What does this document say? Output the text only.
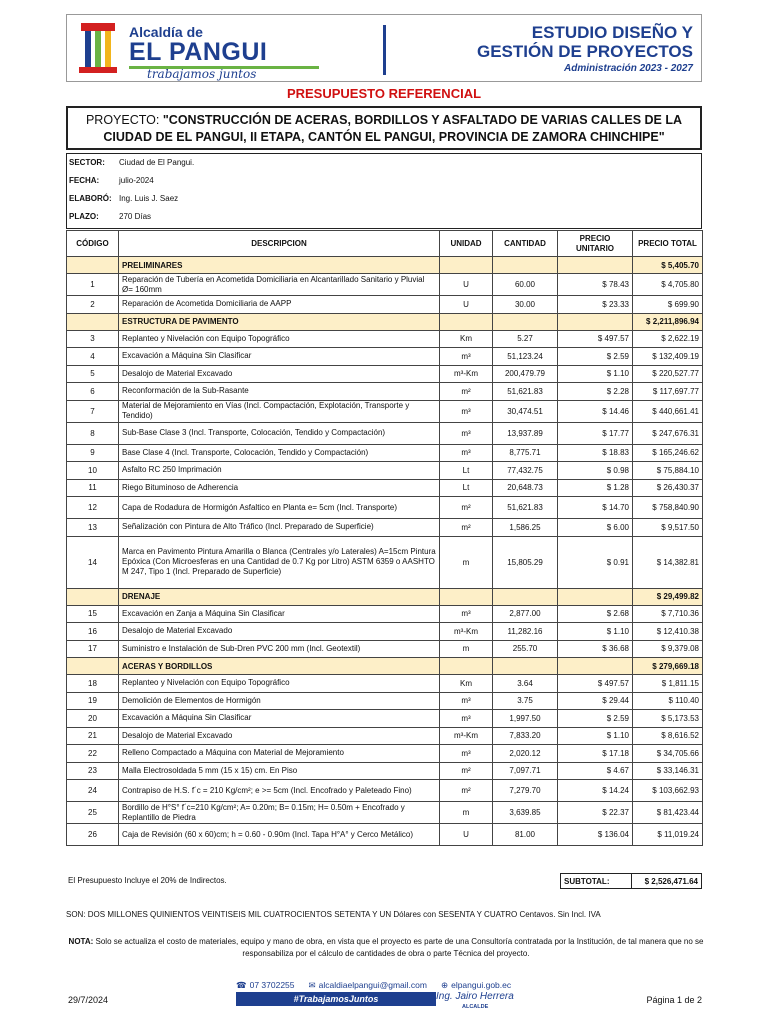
Alcaldía de
EL PANGUI
trabajamos juntos
ESTUDIO DISEÑO Y
GESTIÓN DE PROYECTOS
Administración 2023 - 2027
PRESUPUESTO REFERENCIAL
PROYECTO: "CONSTRUCCIÓN DE ACERAS, BORDILLOS Y ASFALTADO DE VARIAS CALLES DE LA CIUDAD DE EL PANGUI, II ETAPA, CANTÓN EL PANGUI, PROVINCIA DE ZAMORA CHINCHIPE"
SECTOR:	Ciudad de El Pangui.
FECHA:	julio-2024
ELABORÓ: Ing. Luis J. Saez
PLAZO:	270 Días
CÓDIGO	DESCRIPCION	UNIDAD	CANTIDAD	PRECIO UNITARIO	PRECIO TOTAL
	PRELIMINARES				$ 5,405.70
1	Reparación de Tubería en Acometida Domiciliaria en Alcantarillado Sanitario y Pluvial Ø= 160mm	U	60.00	$ 78.43	$ 4,705.80
2	Reparación de Acometida Domiciliaria de AAPP	U	30.00	$ 23.33	$ 699.90
	ESTRUCTURA DE PAVIMENTO				$ 2,211,896.94
3	Replanteo y Nivelación con Equipo Topográfico	Km	5.27	$ 497.57	$ 2,622.19
4	Excavación a Máquina Sin Clasificar	m³	51,123.24	$ 2.59	$ 132,409.19
5	Desalojo de Material Excavado	m³-Km	200,479.79	$ 1.10	$ 220,527.77
6	Reconformación de la Sub-Rasante	m²	51,621.83	$ 2.28	$ 117,697.77
7	Material de Mejoramiento en Vías (Incl. Compactación, Explotación, Transporte y Tendido)	m³	30,474.51	$ 14.46	$ 440,661.41
8	Sub-Base Clase 3 (Incl. Transporte, Colocación, Tendido y Compactación)	m³	13,937.89	$ 17.77	$ 247,676.31
9	Base Clase 4 (Incl. Transporte, Colocación, Tendido y Compactación)	m³	8,775.71	$ 18.83	$ 165,246.62
10	Asfalto RC 250 Imprimación	Lt	77,432.75	$ 0.98	$ 75,884.10
11	Riego Bituminoso de Adherencia	Lt	20,648.73	$ 1.28	$ 26,430.37
12	Capa de Rodadura de Hormigón Asfaltico en Planta e= 5cm (Incl. Transporte)	m²	51,621.83	$ 14.70	$ 758,840.90
13	Señalización con Pintura de Alto Tráfico (Incl. Preparado de Superficie)	m²	1,586.25	$ 6.00	$ 9,517.50
14	Marca en Pavimento Pintura Amarilla o Blanca (Centrales y/o Laterales) A=15cm Pintura Epóxica (Con Microesferas en una Cantidad de 0.7 Kg por Litro) ASTM 6359 o AASHTO M 247, Tipo 1 (Incl. Preparado de Superficie)	m	15,805.29	$ 0.91	$ 14,382.81
	DRENAJE				$ 29,499.82
15	Excavación en Zanja a Máquina Sin Clasificar	m³	2,877.00	$ 2.68	$ 7,710.36
16	Desalojo de Material Excavado	m³-Km	11,282.16	$ 1.10	$ 12,410.38
17	Suministro e Instalación de Sub-Dren PVC 200 mm (Incl. Geotextil)	m	255.70	$ 36.68	$ 9,379.08
	ACERAS Y BORDILLOS				$ 279,669.18
18	Replanteo y Nivelación con Equipo Topográfico	Km	3.64	$ 497.57	$ 1,811.15
19	Demolición de Elementos de Hormigón	m³	3.75	$ 29.44	$ 110.40
20	Excavación a Máquina Sin Clasificar	m³	1,997.50	$ 2.59	$ 5,173.53
21	Desalojo de Material Excavado	m³-Km	7,833.20	$ 1.10	$ 8,616.52
22	Relleno Compactado a Máquina con Material de Mejoramiento	m³	2,020.12	$ 17.18	$ 34,705.66
23	Malla Electrosoldada 5 mm (15 x 15) cm. En Piso	m²	7,097.71	$ 4.67	$ 33,146.31
24	Contrapiso de H.S. f´c = 210 Kg/cm²; e >= 5cm (Incl. Encofrado y Paleteado Fino)	m²	7,279.70	$ 14.24	$ 103,662.93
25	Bordillo de H°S° f´c=210 Kg/cm²; A= 0.20m; B= 0.15m; H= 0.50m + Encofrado y Replantillo de Piedra	m	3,639.85	$ 22.37	$ 81,423.44
26	Caja de Revisión (60 x 60)cm; h = 0.60 - 0.90m (Incl. Tapa H°A° y Cerco Metálico)	U	81.00	$ 136.04	$ 11,019.24
El Presupuesto Incluye el 20% de Indirectos.	SUBTOTAL:	$ 2,526,471.64
SON: DOS MILLONES QUINIENTOS VEINTISEIS MIL CUATROCIENTOS SETENTA Y UN Dólares con SESENTA Y CUATRO Centavos. Sin Incl. IVA
NOTA: Solo se actualiza el costo de materiales, equipo y mano de obra, en vista que el proyecto es parte de una Consultoría contratada por la Institución, de tal manera que no se responsabiliza por el cálculo de cantidades de obra o parte Técnica del proyecto.
☎ 07 3702255 ✉ alcaldiaelpangui@gmail.com ⊕ elpangui.gob.ec
#TrabajamosJuntos	Ing. Jairo Herrera
ALCALDE
29/7/2024	Página 1 de 2
